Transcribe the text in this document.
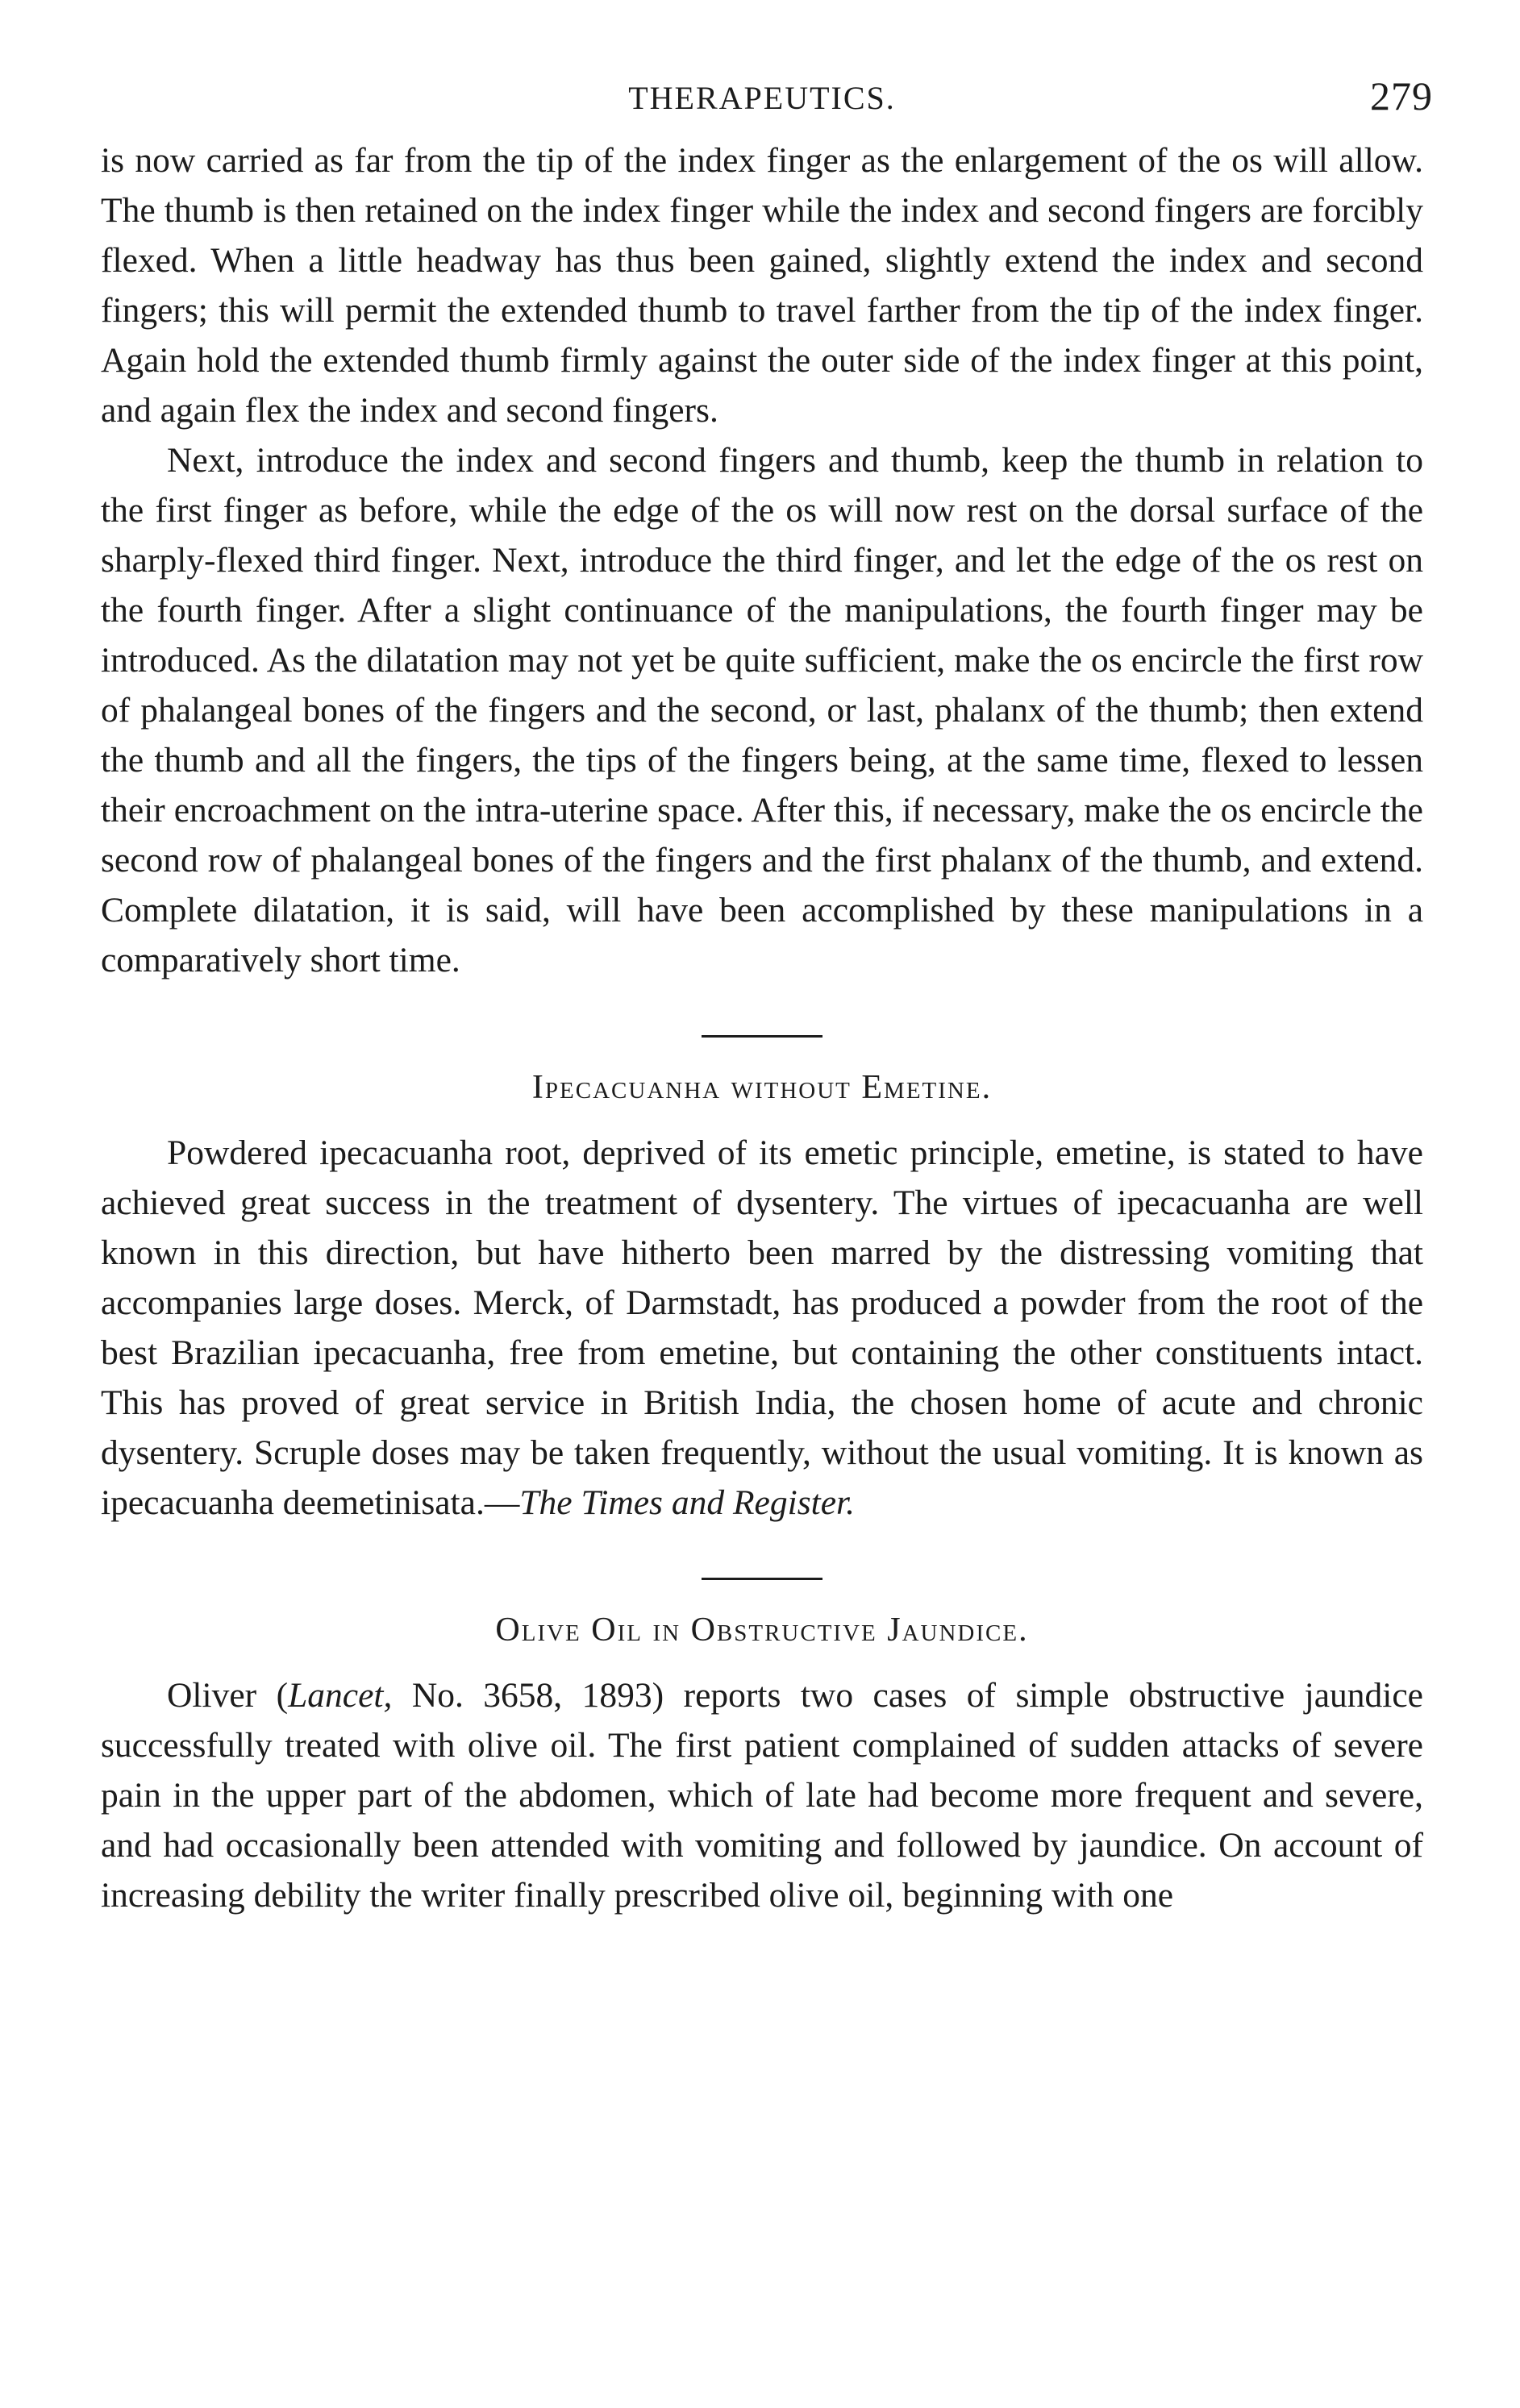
THERAPEUTICS.	279

is now carried as far from the tip of the index finger as the enlargement of the os will allow. The thumb is then retained on the index finger while the index and second fingers are forcibly flexed. When a little headway has thus been gained, slightly extend the index and second fingers; this will permit the extended thumb to travel farther from the tip of the index finger. Again hold the extended thumb firmly against the outer side of the index finger at this point, and again flex the index and second fingers.

Next, introduce the index and second fingers and thumb, keep the thumb in relation to the first finger as before, while the edge of the os will now rest on the dorsal surface of the sharply-flexed third finger. Next, introduce the third finger, and let the edge of the os rest on the fourth finger. After a slight continuance of the manipulations, the fourth finger may be introduced. As the dilatation may not yet be quite sufficient, make the os encircle the first row of phalangeal bones of the fingers and the second, or last, phalanx of the thumb; then extend the thumb and all the fingers, the tips of the fingers being, at the same time, flexed to lessen their encroachment on the intra-uterine space. After this, if necessary, make the os encircle the second row of phalangeal bones of the fingers and the first phalanx of the thumb, and extend. Complete dilatation, it is said, will have been accomplished by these manipulations in a comparatively short time.

Ipecacuanha without Emetine.

Powdered ipecacuanha root, deprived of its emetic principle, emetine, is stated to have achieved great success in the treatment of dysentery. The virtues of ipecacuanha are well known in this direction, but have hitherto been marred by the distressing vomiting that accompanies large doses. Merck, of Darmstadt, has produced a powder from the root of the best Brazilian ipecacuanha, free from emetine, but containing the other constituents intact. This has proved of great service in British India, the chosen home of acute and chronic dysentery. Scruple doses may be taken frequently, without the usual vomiting. It is known as ipecacuanha deemetinisata.—The Times and Register.

Olive Oil in Obstructive Jaundice.

Oliver (Lancet, No. 3658, 1893) reports two cases of simple obstructive jaundice successfully treated with olive oil. The first patient complained of sudden attacks of severe pain in the upper part of the abdomen, which of late had become more frequent and severe, and had occasionally been attended with vomiting and followed by jaundice. On account of increasing debility the writer finally prescribed olive oil, beginning with one
